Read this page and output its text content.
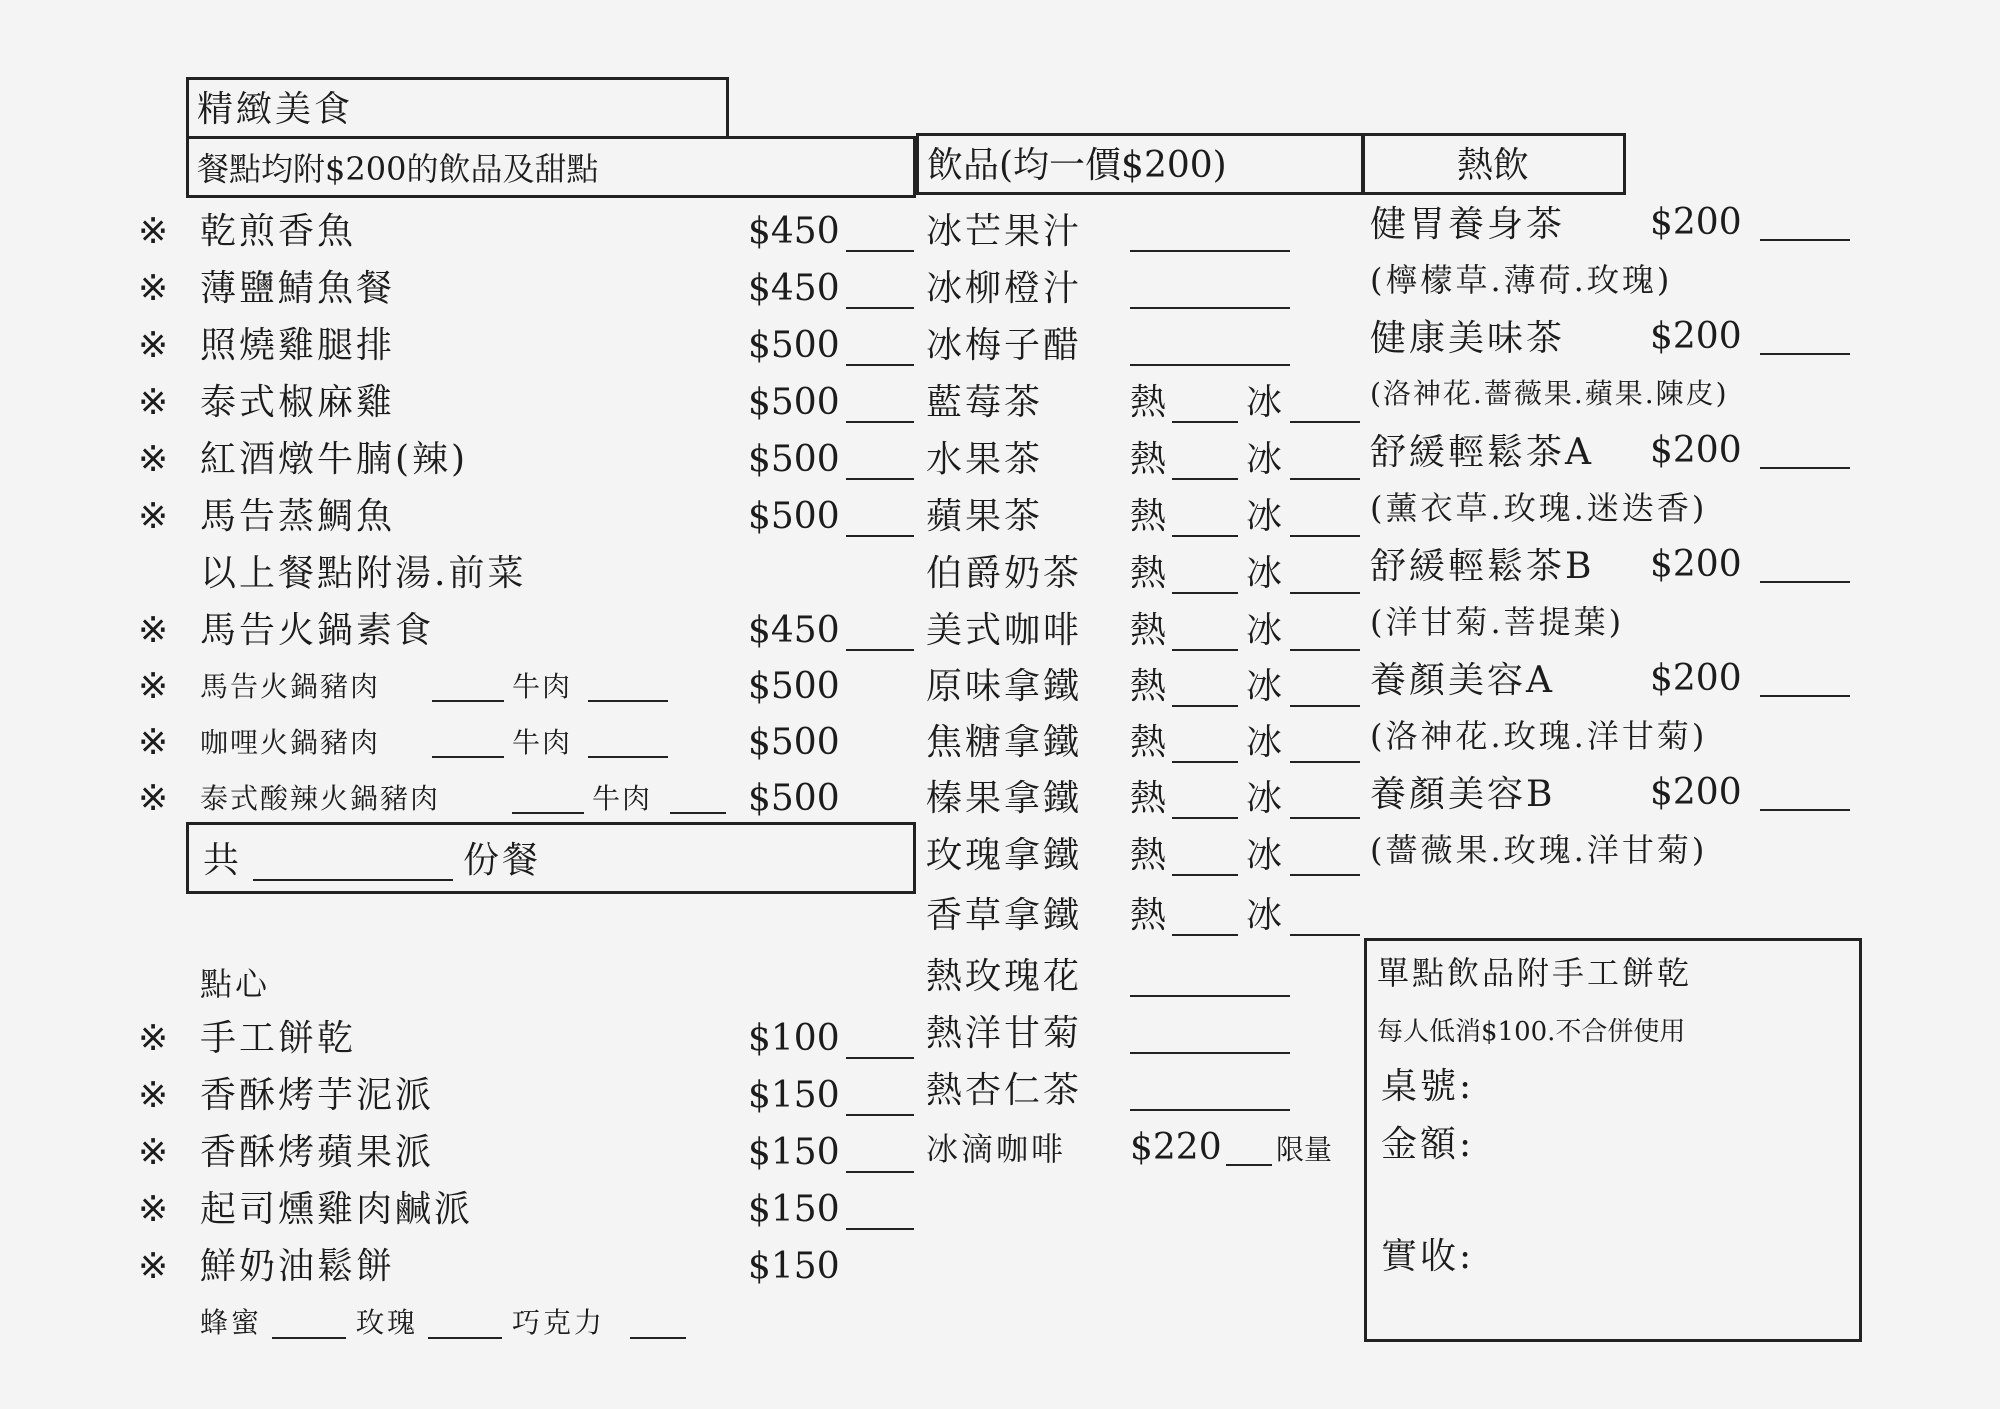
精緻美食
餐點均附$200的飲品及甜點
※ 乾煎香魚	$450
※ 薄鹽鯖魚餐	$450
※ 照燒雞腿排	$500
※ 泰式椒麻雞	$500
※ 紅酒燉牛腩(辣)	$500
※ 馬告蒸鯛魚	$500
以上餐點附湯.前菜
※ 馬告火鍋素食	$450
※ 馬告火鍋豬肉	牛肉	$500
※ 咖哩火鍋豬肉	牛肉	$500
※ 泰式酸辣火鍋豬肉	牛肉	$500
共	份餐
點心
※ 手工餅乾	$100
※ 香酥烤芋泥派	$150
※ 香酥烤蘋果派	$150
※ 起司燻雞肉鹹派	$150
※ 鮮奶油鬆餅	$150
蜂蜜	玫瑰	巧克力
飲品(均一價$200)
冰芒果汁
冰柳橙汁
冰梅子醋
藍莓茶 熱 冰
水果茶 熱 冰
蘋果茶 熱 冰
伯爵奶茶 熱 冰
美式咖啡 熱 冰
原味拿鐵 熱 冰
焦糖拿鐵 熱 冰
榛果拿鐵 熱 冰
玫瑰拿鐵 熱 冰
香草拿鐵 熱 冰
熱玫瑰花
熱洋甘菊
熱杏仁茶
冰滴咖啡 $220 限量
熱飲
健胃養身茶 $200
(檸檬草.薄荷.玫瑰)
健康美味茶 $200
(洛神花.薔薇果.蘋果.陳皮)
舒緩輕鬆茶A $200
(薰衣草.玫瑰.迷迭香)
舒緩輕鬆茶B $200
(洋甘菊.菩提葉)
養顏美容A	$200
(洛神花.玫瑰.洋甘菊)
養顏美容B	$200
(薔薇果.玫瑰.洋甘菊)
單點飲品附手工餅乾
每人低消$100.不合併使用
桌號:
金額:
實收:
